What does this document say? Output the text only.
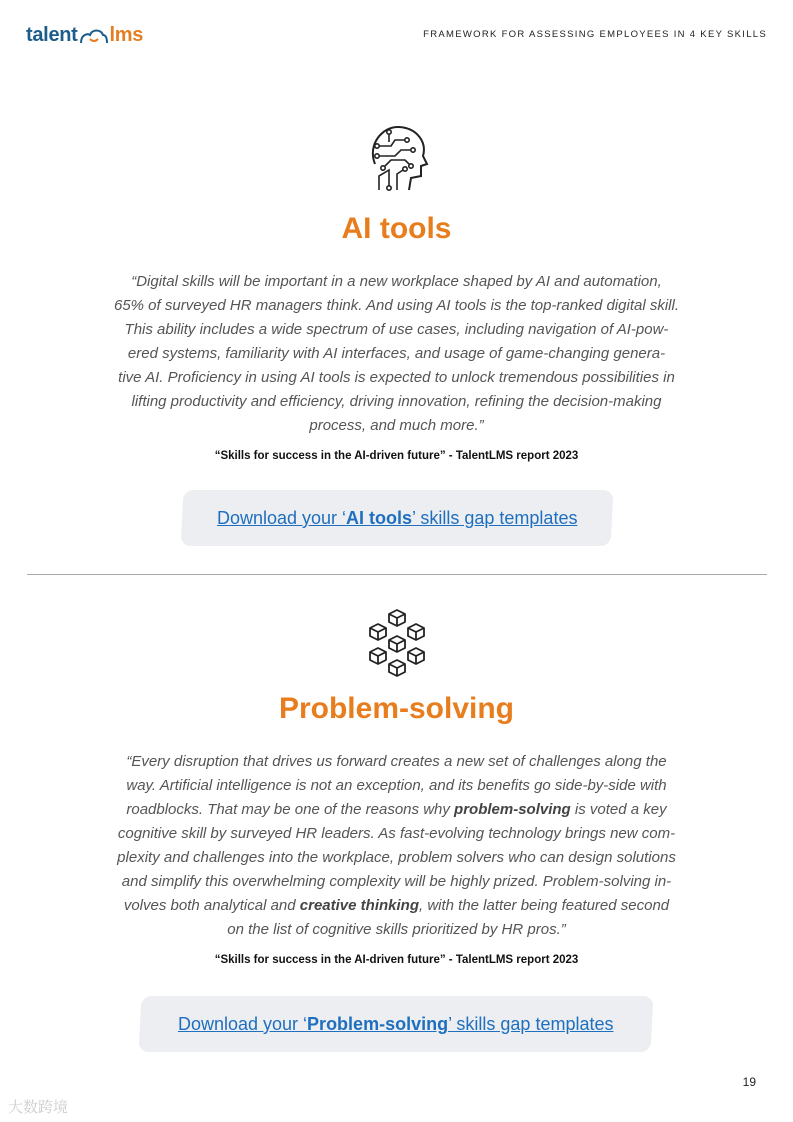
talent lms	FRAMEWORK FOR ASSESSING EMPLOYEES IN 4 KEY SKILLS
AI tools
“Digital skills will be important in a new workplace shaped by AI and automation,
65% of surveyed HR managers think. And using AI tools is the top-ranked digital skill.
This ability includes a wide spectrum of use cases, including navigation of AI-pow-
ered systems, familiarity with AI interfaces, and usage of game-changing genera-
tive AI. Proficiency in using AI tools is expected to unlock tremendous possibilities in
lifting productivity and efficiency, driving innovation, refining the decision-making
process, and much more.”
“Skills for success in the AI-driven future” - TalentLMS report 2023
Download your ‘AI tools’ skills gap templates
Problem-solving
“Every disruption that drives us forward creates a new set of challenges along the
way. Artificial intelligence is not an exception, and its benefits go side-by-side with
roadblocks. That may be one of the reasons why problem-solving is voted a key
cognitive skill by surveyed HR leaders. As fast-evolving technology brings new com-
plexity and challenges into the workplace, problem solvers who can design solutions
and simplify this overwhelming complexity will be highly prized. Problem-solving in-
volves both analytical and creative thinking, with the latter being featured second
on the list of cognitive skills prioritized by HR pros.”
“Skills for success in the AI-driven future” - TalentLMS report 2023
Download your ‘Problem-solving’ skills gap templates
19
大数跨境
